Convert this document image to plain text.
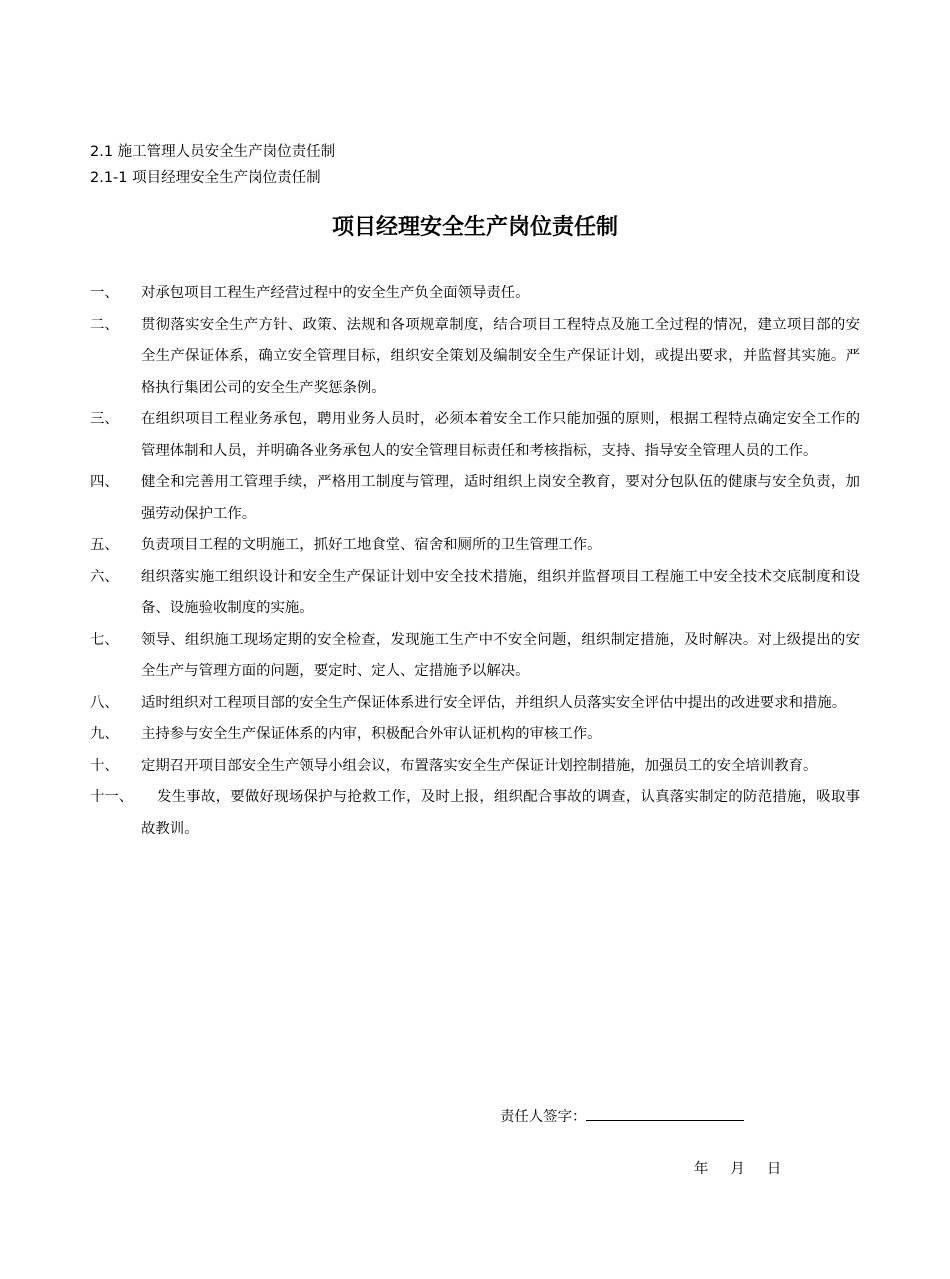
2.1 施工管理人员安全生产岗位责任制
2.1-1 项目经理安全生产岗位责任制
项目经理安全生产岗位责任制
一、 对承包项目工程生产经营过程中的安全生产负全面领导责任。
二、 贯彻落实安全生产方针、政策、法规和各项规章制度，结合项目工程特点及施工全过程的情况，建立项目部的安全生产保证体系，确立安全管理目标，组织安全策划及编制安全生产保证计划，或提出要求，并监督其实施。严格执行集团公司的安全生产奖惩条例。
三、 在组织项目工程业务承包，聘用业务人员时，必须本着安全工作只能加强的原则，根据工程特点确定安全工作的管理体制和人员，并明确各业务承包人的安全管理目标责任和考核指标，支持、指导安全管理人员的工作。
四、 健全和完善用工管理手续，严格用工制度与管理，适时组织上岗安全教育，要对分包队伍的健康与安全负责，加强劳动保护工作。
五、 负责项目工程的文明施工，抓好工地食堂、宿舍和厕所的卫生管理工作。
六、 组织落实施工组织设计和安全生产保证计划中安全技术措施，组织并监督项目工程施工中安全技术交底制度和设备、设施验收制度的实施。
七、 领导、组织施工现场定期的安全检查，发现施工生产中不安全问题，组织制定措施，及时解决。对上级提出的安全生产与管理方面的问题，要定时、定人、定措施予以解决。
八、 适时组织对工程项目部的安全生产保证体系进行安全评估，并组织人员落实安全评估中提出的改进要求和措施。
九、 主持参与安全生产保证体系的内审，积极配合外审认证机构的审核工作。
十、 定期召开项目部安全生产领导小组会议，布置落实安全生产保证计划控制措施，加强员工的安全培训教育。
十一、	发生事故，要做好现场保护与抢救工作，及时上报，组织配合事故的调查，认真落实制定的防范措施，吸取事故教训。
责任人签字：
年 月 日
